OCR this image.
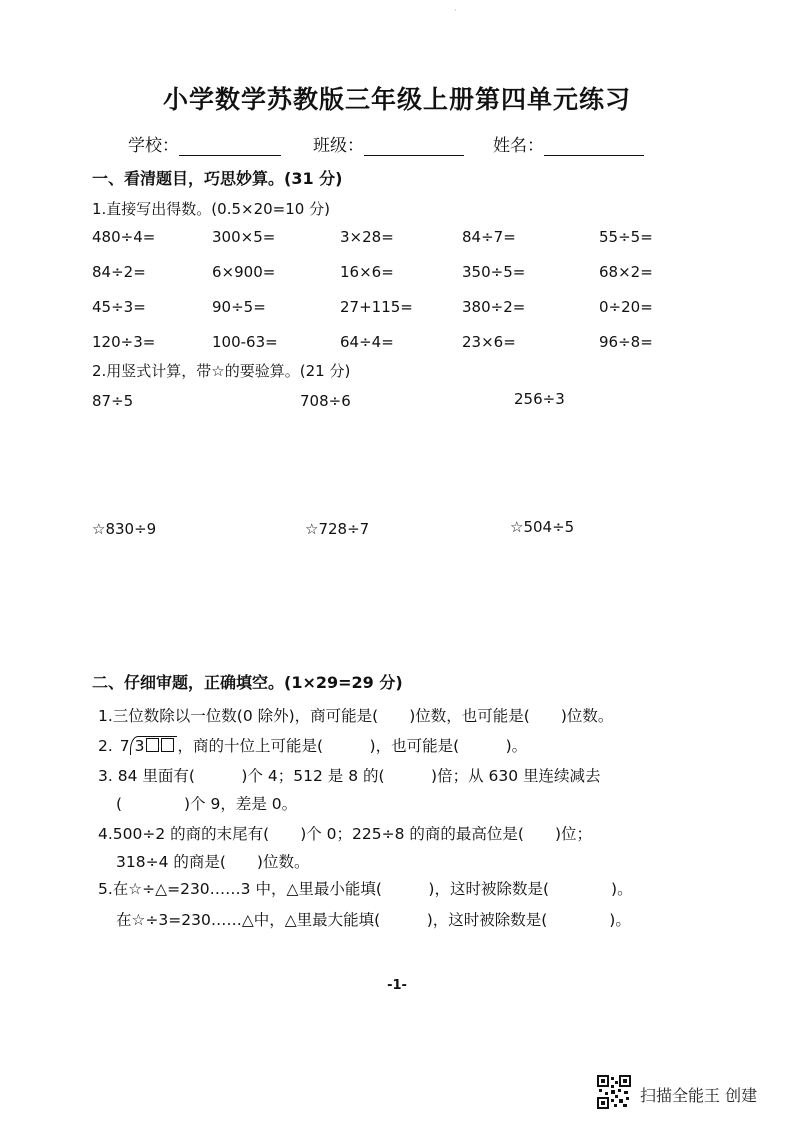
·
小学数学苏教版三年级上册第四单元练习
学校：	班级：	姓名：
一、看清题目，巧思妙算。(31 分)
1.直接写出得数。(0.5×20=10 分)
480÷4=	300×5=	3×28=	84÷7=	55÷5=
84÷2=	6×900=	16×6=	350÷5=	68×2=
45÷3=	90÷5=	27+115=	380÷2=	0÷20=
120÷3=	100-63=	64÷4=	23×6=	96÷8=
2.用竖式计算，带☆的要验算。(21 分)
87÷5	708÷6	256÷3
☆830÷9	☆728÷7	☆504÷5
二、仔细审题，正确填空。(1×29=29 分)
1.三位数除以一位数(0 除外)，商可能是(　　)位数，也可能是(　　)位数。
2. 7 3 ，商的十位上可能是(　　　)，也可能是(　　　)。
3. 84 里面有(　　　)个 4；512 是 8 的(　　　)倍；从 630 里连续减去
(　　　　)个 9，差是 0。
4.500÷2 的商的末尾有(　　)个 0；225÷8 的商的最高位是(　　)位；
318÷4 的商是(　　)位数。
5.在☆÷△=230……3 中，△里最小能填(　　　)，这时被除数是(　　　　)。
在☆÷3=230……△中，△里最大能填(　　　)，这时被除数是(　　　　)。
-1-
扫描全能王 创建
